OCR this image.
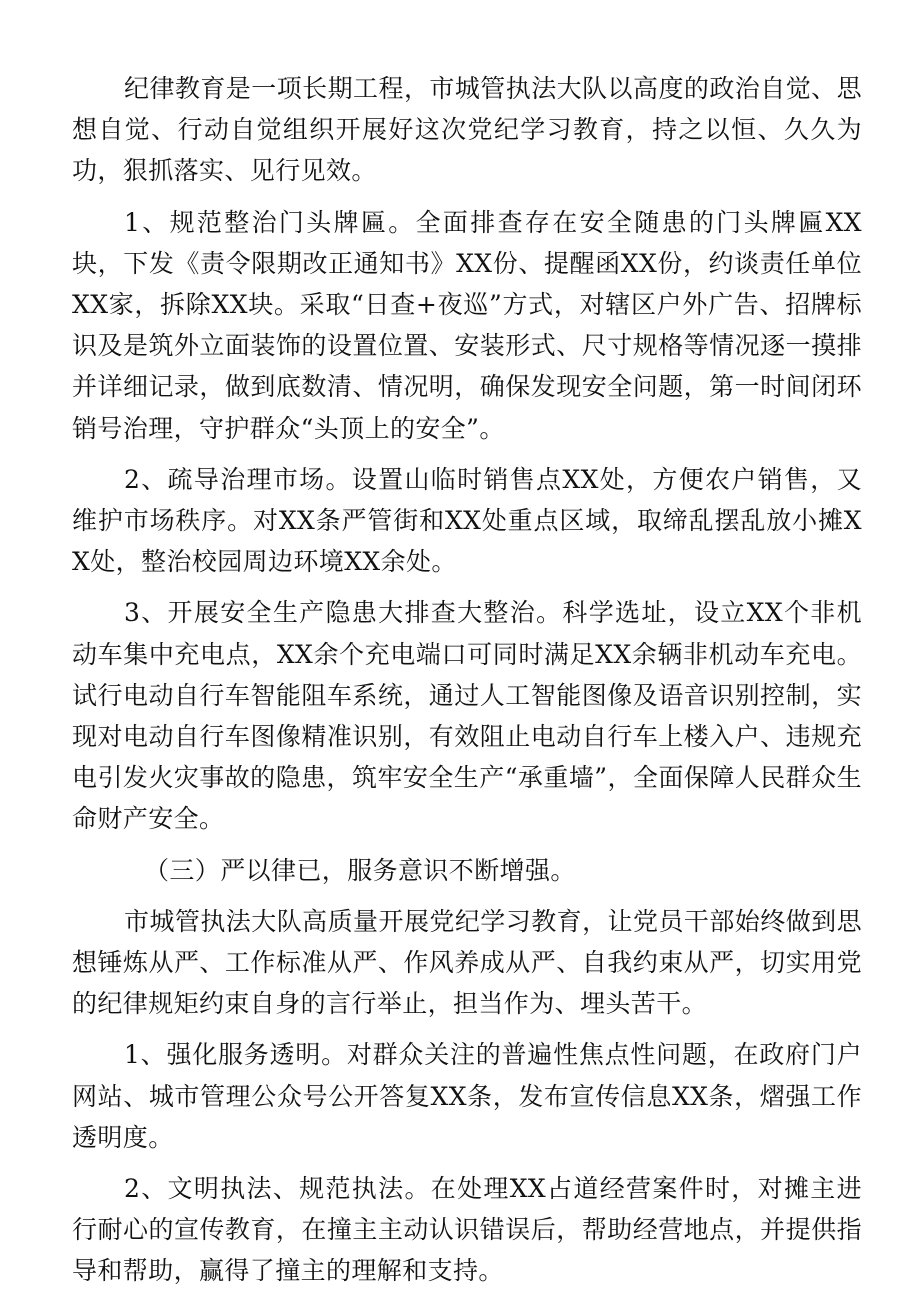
纪律教育是一项长期工程，市城管执法大队以高度的政治自觉、思想自觉、行动自觉组织开展好这次党纪学习教育，持之以恒、久久为功，狠抓落实、见行见效。

1、规范整治门头牌匾。全面排查存在安全随患的门头牌匾XX块，下发《责令限期改正通知书》XX份、提醒函XX份，约谈责任单位XX家，拆除XX块。采取“日查+夜巡”方式，对辖区户外广告、招牌标识及是筑外立面装饰的设置位置、安装形式、尺寸规格等情况逐一摸排并详细记录，做到底数清、情况明，确保发现安全问题，第一时间闭环销号治理，守护群众“头顶上的安全”。

2、疏导治理市场。设置山临时销售点XX处，方便农户销售，又维护市场秩序。对XX条严管街和XX处重点区域，取缔乱摆乱放小摊XX处，整治校园周边环境XX余处。

3、开展安全生产隐患大排查大整治。科学选址，设立XX个非机动车集中充电点，XX余个充电端口可同时满足XX余辆非机动车充电。试行电动自行车智能阻车系统，通过人工智能图像及语音识别控制，实现对电动自行车图像精准识别，有效阻止电动自行车上楼入户、违规充电引发火灾事故的隐患，筑牢安全生产“承重墙”，全面保障人民群众生命财产安全。

（三）严以律已，服务意识不断增强。

市城管执法大队高质量开展党纪学习教育，让党员干部始终做到思想锤炼从严、工作标准从严、作风养成从严、自我约束从严，切实用党的纪律规矩约束自身的言行举止，担当作为、埋头苦干。

1、强化服务透明。对群众关注的普遍性焦点性问题，在政府门户网站、城市管理公众号公开答复XX条，发布宣传信息XX条，熠强工作透明度。

2、文明执法、规范执法。在处理XX占道经营案件时，对摊主进行耐心的宣传教育，在撞主主动认识错误后，帮助经营地点，并提供指导和帮助，赢得了撞主的理解和支持。
